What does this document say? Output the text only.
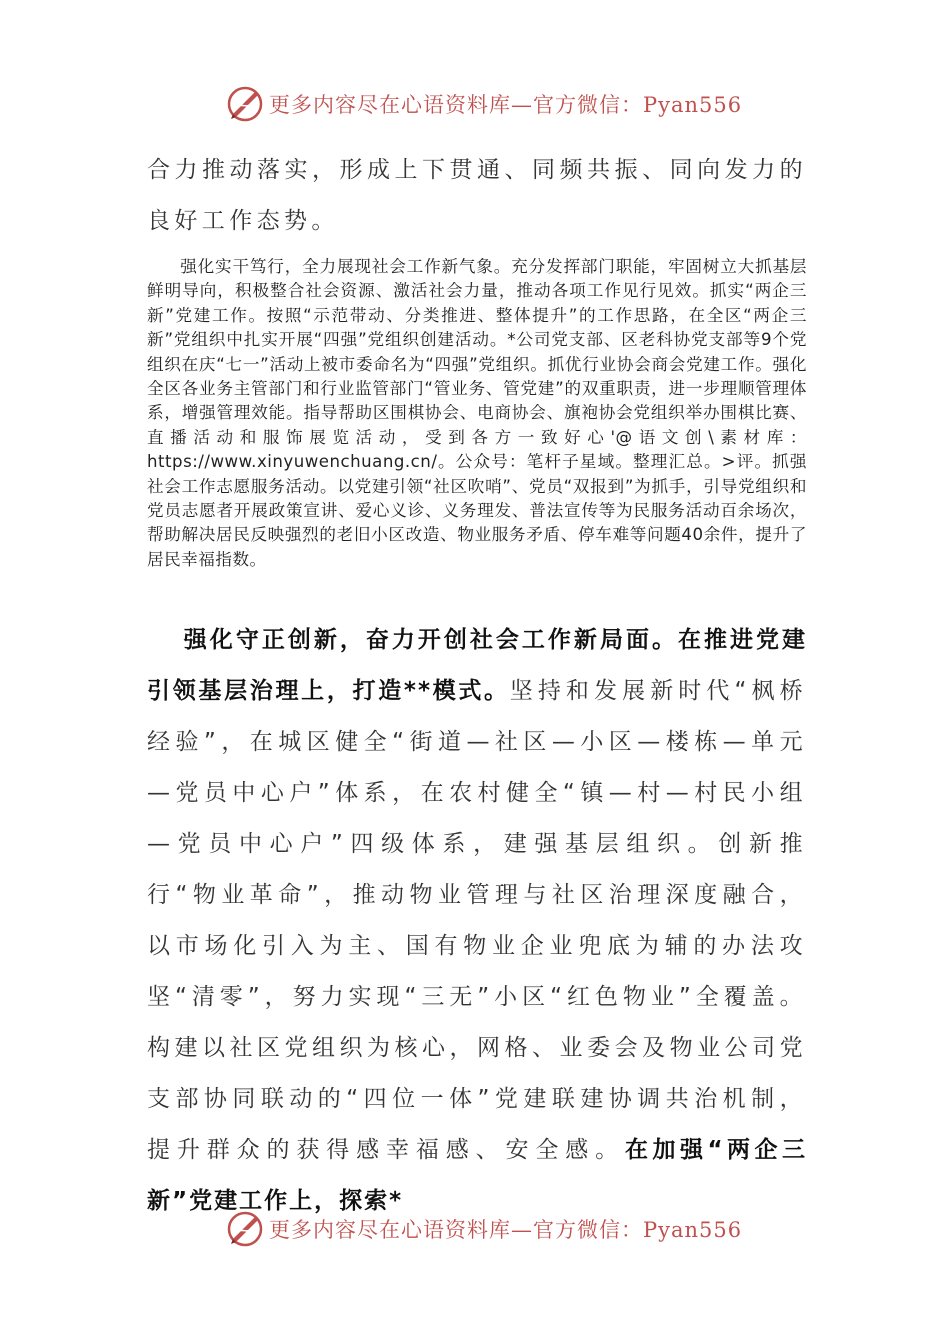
更多内容尽在心语资料库—官方微信：Pyan556

合力推动落实，形成上下贯通、同频共振、同向发力的良好工作态势。

强化实干笃行，全力展现社会工作新气象。充分发挥部门职能，牢固树立大抓基层鲜明导向，积极整合社会资源、激活社会力量，推动各项工作见行见效。抓实“两企三新”党建工作。按照“示范带动、分类推进、整体提升”的工作思路，在全区“两企三新”党组织中扎实开展“四强”党组织创建活动。*公司党支部、区老科协党支部等9个党组织在庆“七一”活动上被市委命名为“四强”党组织。抓优行业协会商会党建工作。强化全区各业务主管部门和行业监管部门“管业务、管党建”的双重职责，进一步理顺管理体系，增强管理效能。指导帮助区围棋协会、电商协会、旗袍协会党组织举办围棋比赛、直播活动和服饰展览活动，受到各方一致好心'@语文创\素材库：https://www.xinyuwenchuang.cn/。公众号：笔杆子星域。整理汇总。>评。抓强社会工作志愿服务活动。以党建引领“社区吹哨”、党员“双报到”为抓手，引导党组织和党员志愿者开展政策宣讲、爱心义诊、义务理发、普法宣传等为民服务活动百余场次，帮助解决居民反映强烈的老旧小区改造、物业服务矛盾、停车难等问题40余件，提升了居民幸福指数。

强化守正创新，奋力开创社会工作新局面。在推进党建引领基层治理上，打造**模式。坚持和发展新时代“枫桥经验”，在城区健全“街道—社区—小区—楼栋—单元—党员中心户”体系，在农村健全“镇—村—村民小组—党员中心户”四级体系，建强基层组织。创新推行“物业革命”，推动物业管理与社区治理深度融合，以市场化引入为主、国有物业企业兜底为辅的办法攻坚“清零”，努力实现“三无”小区“红色物业”全覆盖。构建以社区党组织为核心，网格、业委会及物业公司党支部协同联动的“四位一体”党建联建协调共治机制，提升群众的获得感幸福感、安全感。在加强“两企三新”党建工作上，探索*

更多内容尽在心语资料库—官方微信：Pyan556
